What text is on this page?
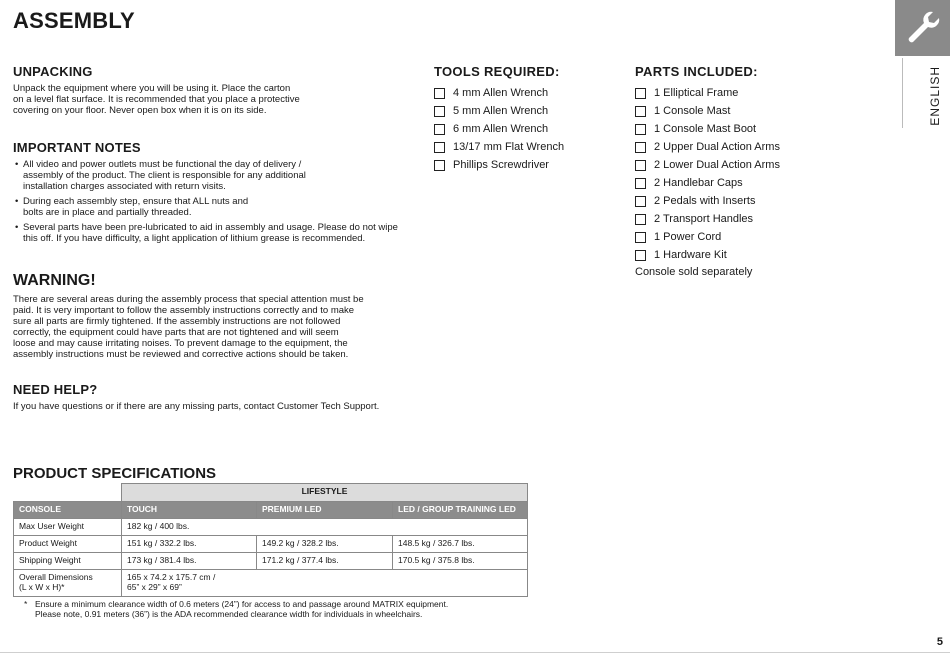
ASSEMBLY
ENGLISH
UNPACKING

Unpack the equipment where you will be using it. Place the carton
on a level flat surface. It is recommended that you place a protective
covering on your floor. Never open box when it is on its side.

IMPORTANT NOTES
• All video and power outlets must be functional the day of delivery /
assembly of the product. The client is responsible for any additional
installation charges associated with return visits.
• During each assembly step, ensure that ALL nuts and
bolts are in place and partially threaded.
• Several parts have been pre-lubricated to aid in assembly and usage. Please do not wipe
this off. If you have difficulty, a light application of lithium grease is recommended.
WARNING!

There are several areas during the assembly process that special attention must be
paid. It is very important to follow the assembly instructions correctly and to make
sure all parts are firmly tightened. If the assembly instructions are not followed
correctly, the equipment could have parts that are not tightened and will seem
loose and may cause irritating noises. To prevent damage to the equipment, the
assembly instructions must be reviewed and corrective actions should be taken.

NEED HELP?

If you have questions or if there are any missing parts, contact Customer Tech Support.

TOOLS REQUIRED:
4 mm Allen Wrench
5 mm Allen Wrench
6 mm Allen Wrench
13/17 mm Flat Wrench
Phillips Screwdriver
PARTS INCLUDED:
1 Elliptical Frame
1 Console Mast
1 Console Mast Boot
2 Upper Dual Action Arms
2 Lower Dual Action Arms
2 Handlebar Caps
2 Pedals with Inserts
2 Transport Handles
1 Power Cord
1 Hardware Kit
Console sold separately
PRODUCT SPECIFICATIONS
	LIFESTYLE		
CONSOLE	TOUCH	PREMIUM LED	LED / GROUP TRAINING LED
Max User Weight	182 kg / 400 lbs.		
Product Weight	151 kg / 332.2 lbs.	149.2 kg / 328.2 lbs.	148.5 kg / 326.7 lbs.
Shipping Weight	173 kg / 381.4 lbs.	171.2 kg / 377.4 lbs.	170.5 kg / 375.8 lbs.
Overall Dimensions
(L x W x H)*	165 x 74.2 x 175.7 cm /
65” x 29” x 69”		
* Ensure a minimum clearance width of 0.6 meters (24”) for access to and passage around MATRIX equipment.
Please note, 0.91 meters (36”) is the ADA recommended clearance width for individuals in wheelchairs.
5
